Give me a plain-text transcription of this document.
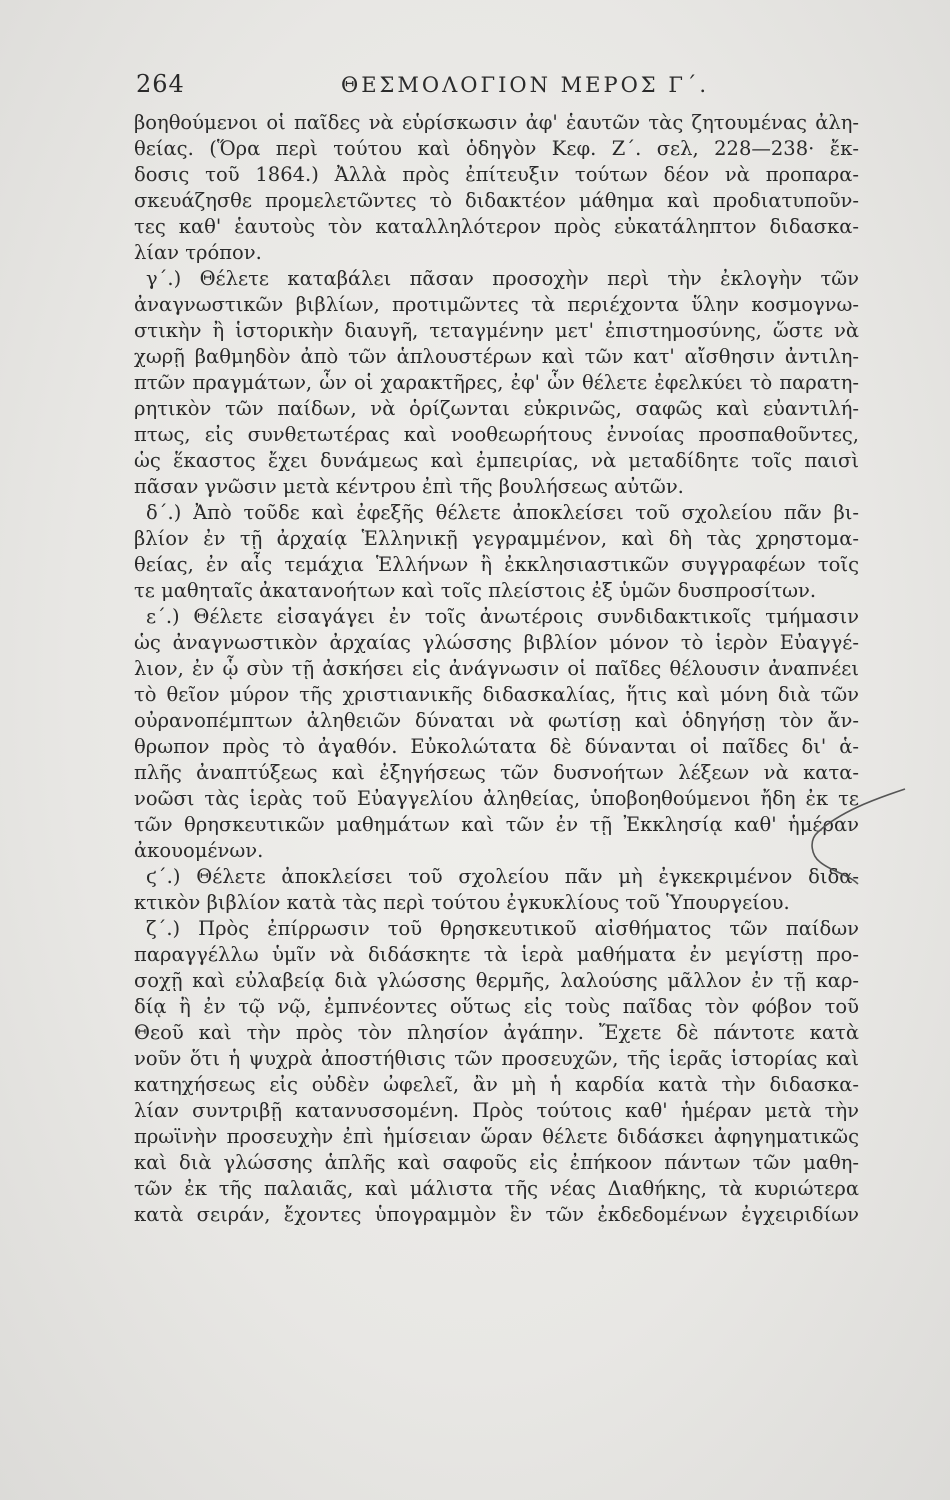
264	ΘΕΣΜΟΛΟΓΙΟΝ ΜΕΡΟΣ Γ΄.
βοηθούμενοι οἱ παῖδες νὰ εὑρίσκωσιν ἀφ' ἑαυτῶν τὰς ζητουμένας ἀλη-
θείας. (Ὅρα περὶ τούτου καὶ ὁδηγὸν Κεφ. Ζ΄. σελ, 228—238· ἔκ-
δοσις τοῦ 1864.) Ἀλλὰ πρὸς ἐπίτευξιν τούτων δέον νὰ προπαρα-
σκευάζησθε προμελετῶντες τὸ διδακτέον μάθημα καὶ προδιατυποῦν-
τες καθ' ἑαυτοὺς τὸν καταλληλότερον πρὸς εὐκατάληπτον διδασκα-
λίαν τρόπον.
γ΄.) Θέλετε καταβάλει πᾶσαν προσοχὴν περὶ τὴν ἐκλογὴν τῶν
ἀναγνωστικῶν βιβλίων, προτιμῶντες τὰ περιέχοντα ὕλην κοσμογνω-
στικὴν ἢ ἱστορικὴν διαυγῆ, τεταγμένην μετ' ἐπιστημοσύνης, ὥστε νὰ
χωρῇ βαθμηδὸν ἀπὸ τῶν ἁπλουστέρων καὶ τῶν κατ' αἴσθησιν ἀντιλη-
πτῶν πραγμάτων, ὧν οἱ χαρακτῆρες, ἐφ' ὧν θέλετε ἐφελκύει τὸ παρατη-
ρητικὸν τῶν παίδων, νὰ ὁρίζωνται εὐκρινῶς, σαφῶς καὶ εὐαντιλή-
πτως, εἰς συνθετωτέρας καὶ νοοθεωρήτους ἐννοίας προσπαθοῦντες,
ὡς ἕκαστος ἔχει δυνάμεως καὶ ἐμπειρίας, νὰ μεταδίδητε τοῖς παισὶ
πᾶσαν γνῶσιν μετὰ κέντρου ἐπὶ τῆς βουλήσεως αὐτῶν.
δ΄.) Ἀπὸ τοῦδε καὶ ἐφεξῆς θέλετε ἀποκλείσει τοῦ σχολείου πᾶν βι-
βλίον ἐν τῇ ἀρχαίᾳ Ἑλληνικῇ γεγραμμένον, καὶ δὴ τὰς χρηστομα-
θείας, ἐν αἷς τεμάχια Ἑλλήνων ἢ ἐκκλησιαστικῶν συγγραφέων τοῖς
τε μαθηταῖς ἀκατανοήτων καὶ τοῖς πλείστοις ἐξ ὑμῶν δυσπροσίτων.
ε΄.) Θέλετε εἰσαγάγει ἐν τοῖς ἀνωτέροις συνδιδακτικοῖς τμήμασιν
ὡς ἀναγνωστικὸν ἀρχαίας γλώσσης βιβλίον μόνον τὸ ἱερὸν Εὐαγγέ-
λιον, ἐν ᾧ σὺν τῇ ἀσκήσει εἰς ἀνάγνωσιν οἱ παῖδες θέλουσιν ἀναπνέει
τὸ θεῖον μύρον τῆς χριστιανικῆς διδασκαλίας, ἥτις καὶ μόνη διὰ τῶν
οὐρανοπέμπτων ἀληθειῶν δύναται νὰ φωτίσῃ καὶ ὁδηγήσῃ τὸν ἄν-
θρωπον πρὸς τὸ ἀγαθόν. Εὐκολώτατα δὲ δύνανται οἱ παῖδες δι' ἁ-
πλῆς ἀναπτύξεως καὶ ἐξηγήσεως τῶν δυσνοήτων λέξεων νὰ κατα-
νοῶσι τὰς ἱερὰς τοῦ Εὐαγγελίου ἀληθείας, ὑποβοηθούμενοι ἤδη ἐκ τε
τῶν θρησκευτικῶν μαθημάτων καὶ τῶν ἐν τῇ Ἐκκλησίᾳ καθ' ἡμέραν
ἀκουομένων.
ϛ΄.) Θέλετε ἀποκλείσει τοῦ σχολείου πᾶν μὴ ἐγκεκριμένον διδα-
κτικὸν βιβλίον κατὰ τὰς περὶ τούτου ἐγκυκλίους τοῦ Ὑπουργείου.
ζ΄.) Πρὸς ἐπίρρωσιν τοῦ θρησκευτικοῦ αἰσθήματος τῶν παίδων
παραγγέλλω ὑμῖν νὰ διδάσκητε τὰ ἱερὰ μαθήματα ἐν μεγίστῃ προ-
σοχῇ καὶ εὐλαβείᾳ διὰ γλώσσης θερμῆς, λαλούσης μᾶλλον ἐν τῇ καρ-
δίᾳ ἢ ἐν τῷ νῷ, ἐμπνέοντες οὕτως εἰς τοὺς παῖδας τὸν φόβον τοῦ
Θεοῦ καὶ τὴν πρὸς τὸν πλησίον ἀγάπην. Ἔχετε δὲ πάντοτε κατὰ
νοῦν ὅτι ἡ ψυχρὰ ἀποστήθισις τῶν προσευχῶν, τῆς ἱερᾶς ἱστορίας καὶ
κατηχήσεως εἰς οὐδὲν ὠφελεῖ, ἂν μὴ ἡ καρδία κατὰ τὴν διδασκα-
λίαν συντριβῇ κατανυσσομένη. Πρὸς τούτοις καθ' ἡμέραν μετὰ τὴν
πρωϊνὴν προσευχὴν ἐπὶ ἡμίσειαν ὥραν θέλετε διδάσκει ἀφηγηματικῶς
καὶ διὰ γλώσσης ἁπλῆς καὶ σαφοῦς εἰς ἐπήκοον πάντων τῶν μαθη-
τῶν ἐκ τῆς παλαιᾶς, καὶ μάλιστα τῆς νέας Διαθήκης, τὰ κυριώτερα
κατὰ σειράν, ἔχοντες ὑπογραμμὸν ἓν τῶν ἐκδεδομένων ἐγχειριδίων
